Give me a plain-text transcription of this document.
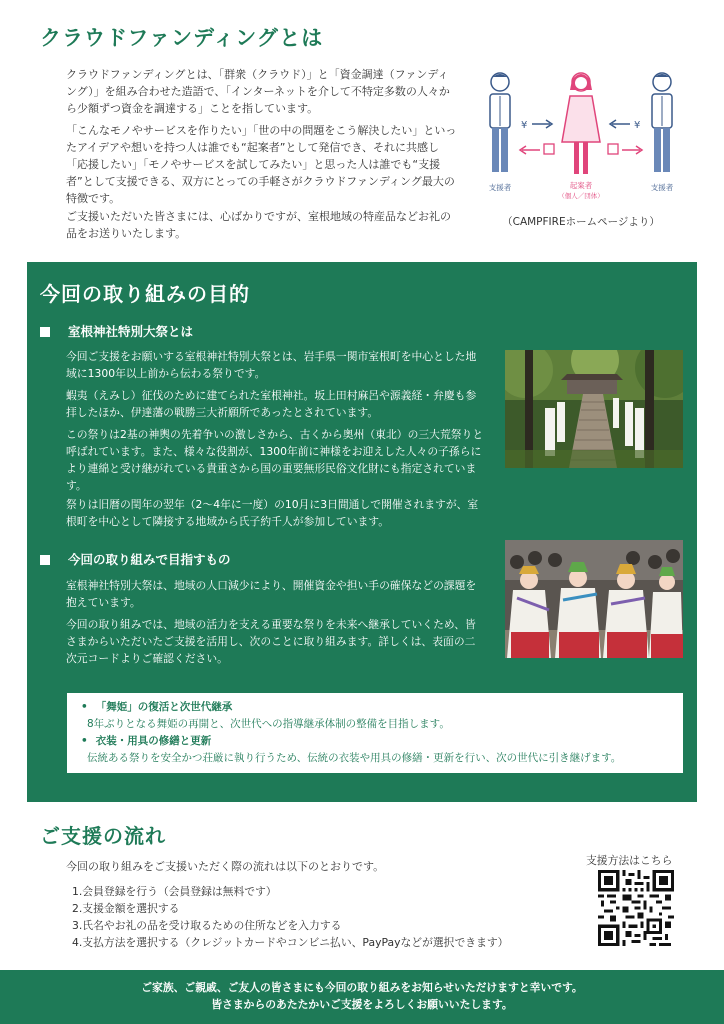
クラウドファンディングとは
クラウドファンディングとは、「群衆（クラウド）」と「資金調達（ファンディング）」を組み合わせた造語で、「インターネットを介して不特定多数の人々から少額ずつ資金を調達する」ことを指しています。
「こんなモノやサービスを作りたい」「世の中の問題をこう解決したい」といったアイデアや想いを持つ人は誰でも“起案者”として発信でき、それに共感し「応援したい」「モノやサービスを試してみたい」と思った人は誰でも“支援者”として支援できる、双方にとっての手軽さがクラウドファンディング最大の特徴です。
ご支援いただいた皆さまには、心ばかりですが、室根地域の特産品などお礼の品をお送りいたします。
¥	¥
支援者	起案者
（個人／団体）
支援者
（CAMPFIREホームページより）
今回の取り組みの目的
室根神社特別大祭とは
今回ご支援をお願いする室根神社特別大祭とは、岩手県一関市室根町を中心とした地域に1300年以上前から伝わる祭りです。
蝦夷（えみし）征伐のために建てられた室根神社。坂上田村麻呂や源義経・弁慶も参拝したほか、伊達藩の戦勝三大祈願所であったとされています。
この祭りは2基の神輿の先着争いの激しさから、古くから奥州（東北）の三大荒祭りと呼ばれています。また、様々な役割が、1300年前に神様をお迎えした人々の子孫らにより連綿と受け継がれている貴重さから国の重要無形民俗文化財にも指定されています。
祭りは旧暦の閏年の翌年（2～4年に一度）の10月に3日間通しで開催されますが、室根町を中心として隣接する地域から氏子約千人が参加しています。
今回の取り組みで目指すもの
室根神社特別大祭は、地域の人口減少により、開催資金や担い手の確保などの課題を抱えています。
今回の取り組みでは、地域の活力を支える重要な祭りを未来へ継承していくため、皆さまからいただいたご支援を活用し、次のことに取り組みます。詳しくは、表面の二次元コードよりご確認ください。
• 「舞姫」の復活と次世代継承
8年ぶりとなる舞姫の再開と、次世代への指導継承体制の整備を目指します。
• 衣装・用具の修繕と更新
伝統ある祭りを安全かつ荘厳に執り行うため、伝統の衣装や用具の修繕・更新を行い、次の世代に引き継げます。
ご支援の流れ
今回の取り組みをご支援いただく際の流れは以下のとおりです。
1.会員登録を行う（会員登録は無料です）
2.支援金額を選択する
3.氏名やお礼の品を受け取るための住所などを入力する
4.支払方法を選択する（クレジットカードやコンビニ払い、PayPayなどが選択できます）
支援方法はこちら
ご家族、ご親戚、ご友人の皆さまにも今回の取り組みをお知らせいただけますと幸いです。
皆さまからのあたたかいご支援をよろしくお願いいたします。
